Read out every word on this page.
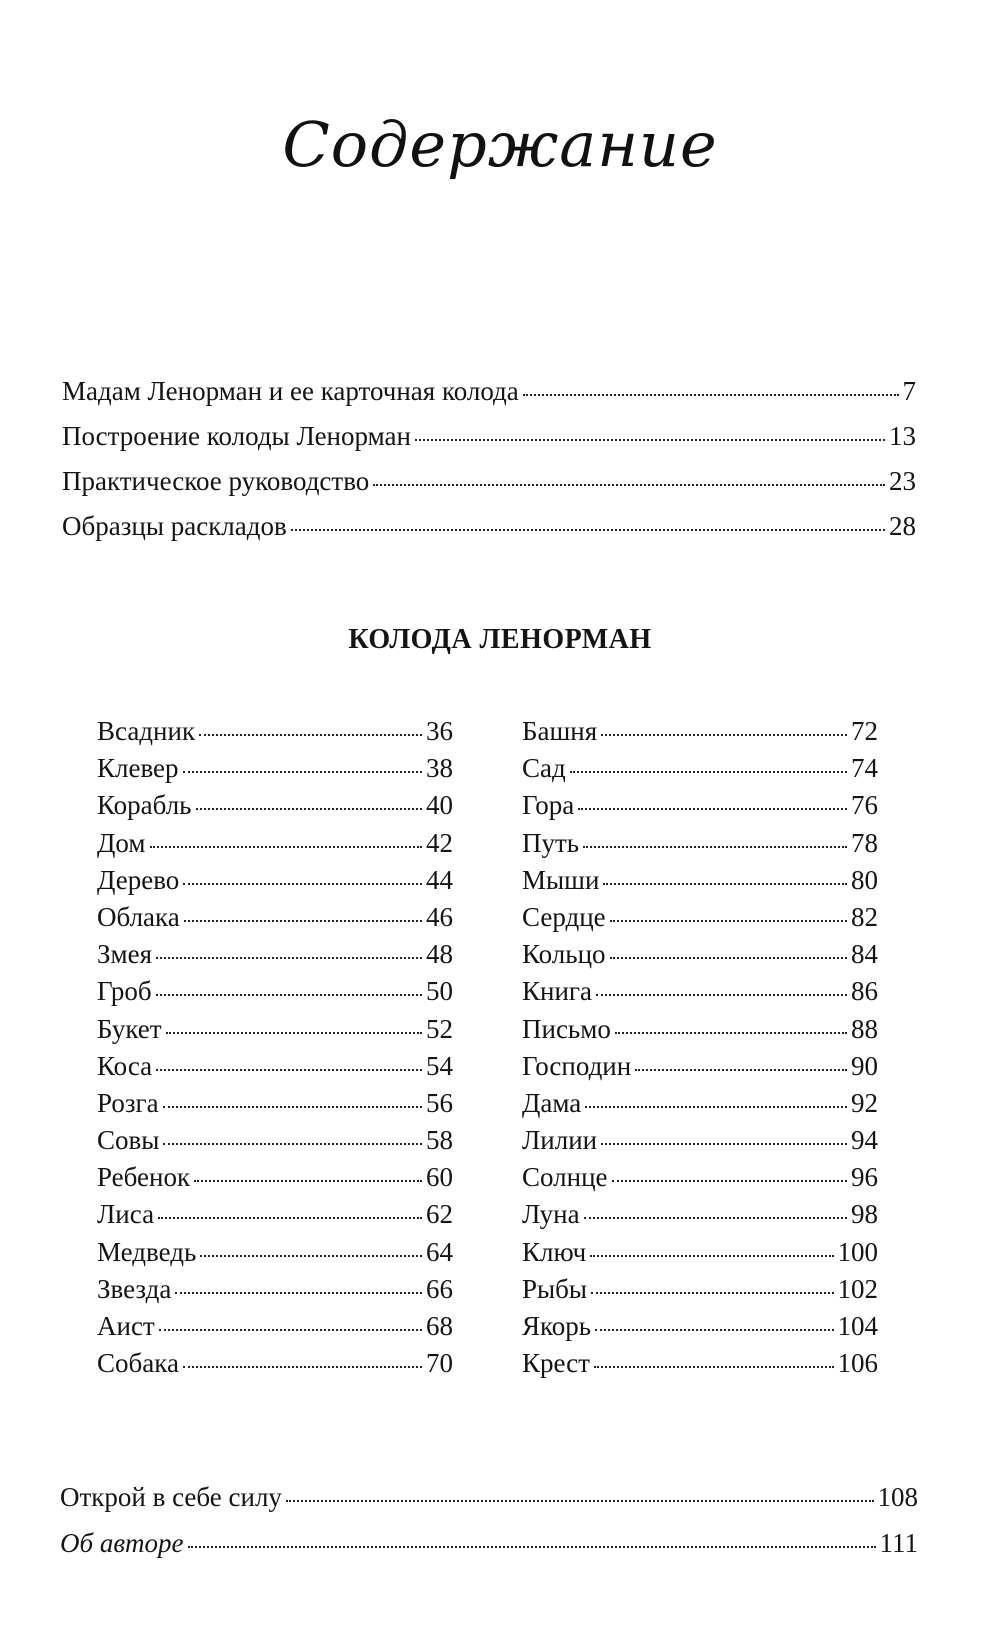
Содержание
Мадам Ленорман и ее карточная колода	7
Построение колоды Ленорман	13
Практическое руководство	23
Образцы раскладов	28
КОЛОДА ЛЕНОРМАН
Всадник	36
Клевер	38
Корабль	40
Дом	42
Дерево	44
Облака	46
Змея	48
Гроб	50
Букет	52
Коса	54
Розга	56
Совы	58
Ребенок	60
Лиса	62
Медведь	64
Звезда	66
Аист	68
Собака	70
Башня	72
Сад	74
Гора	76
Путь	78
Мыши	80
Сердце	82
Кольцо	84
Книга	86
Письмо	88
Господин	90
Дама	92
Лилии	94
Солнце	96
Луна	98
Ключ	100
Рыбы	102
Якорь	104
Крест	106
Открой в себе силу	108
Об авторе	111
